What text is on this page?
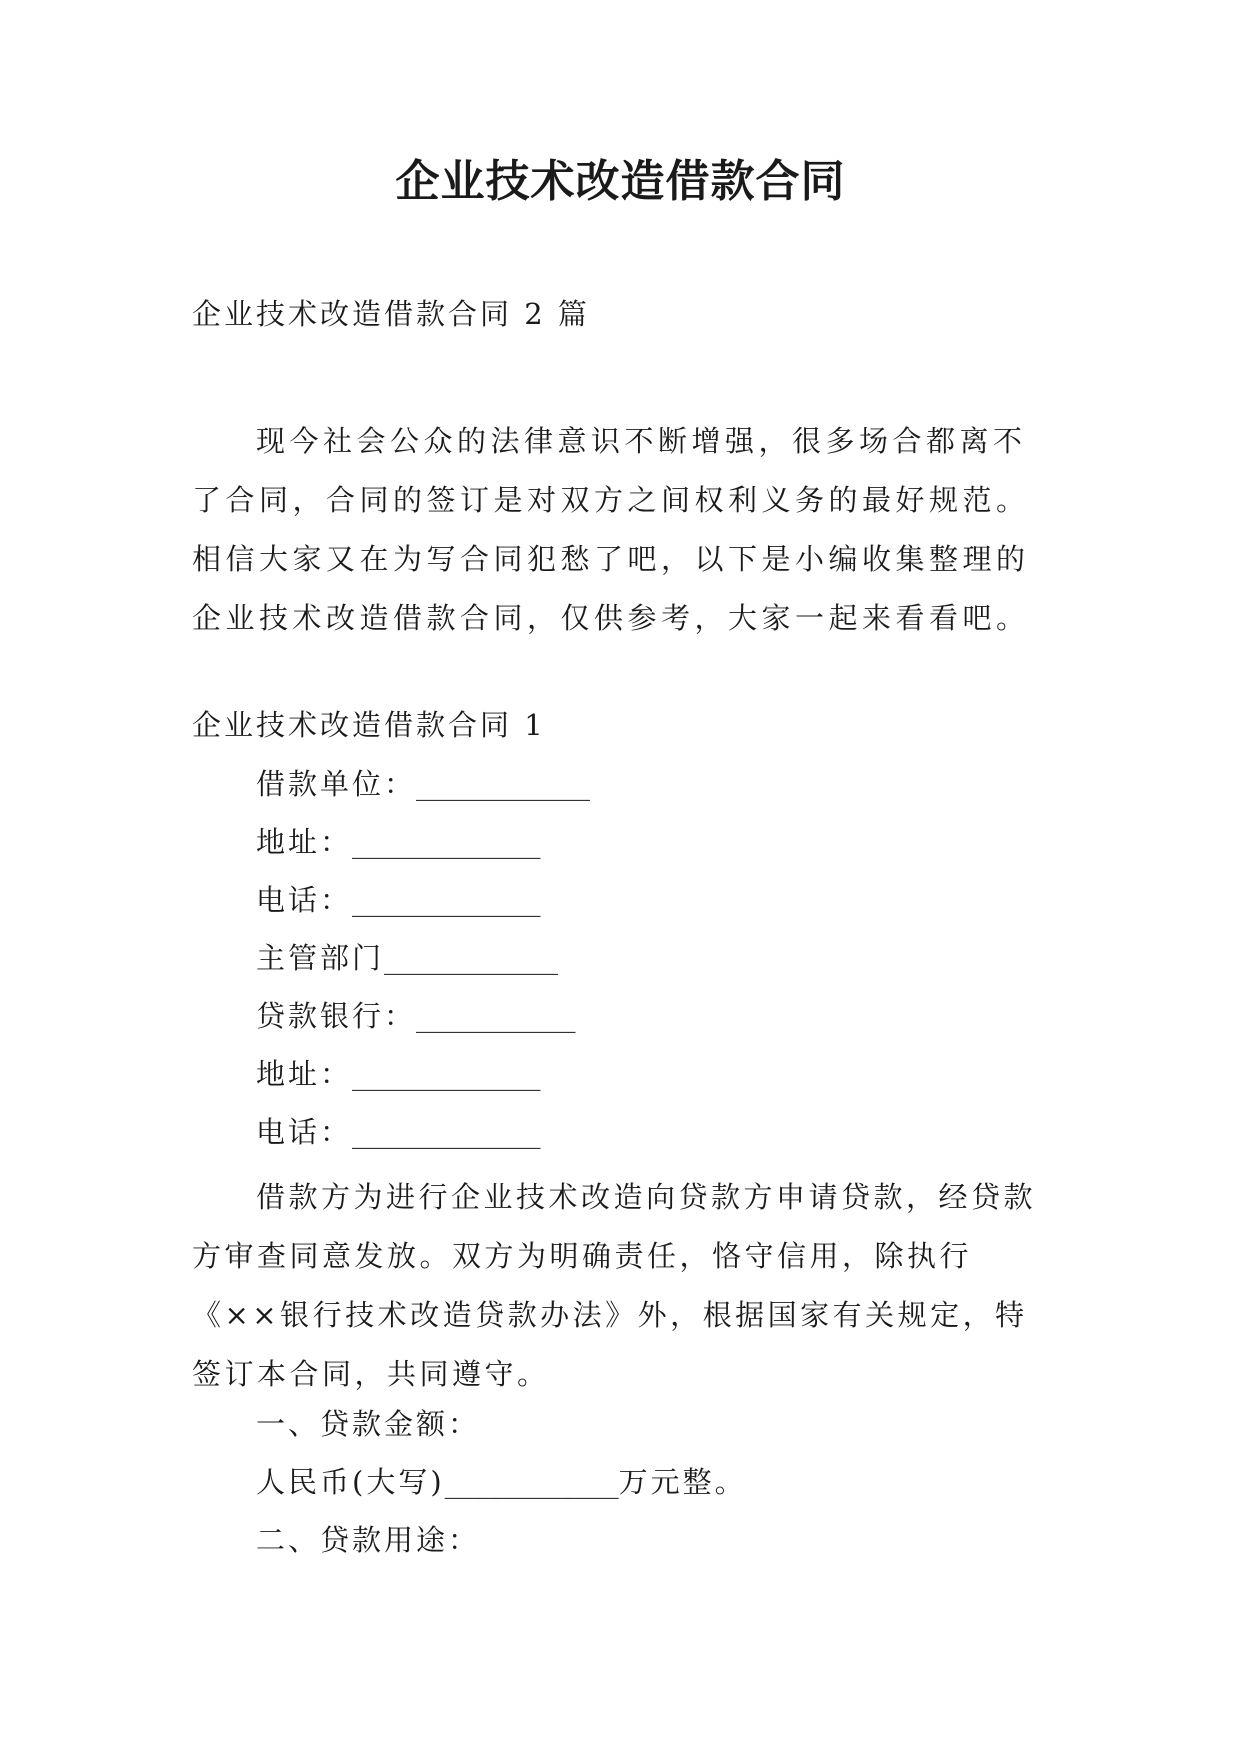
企业技术改造借款合同
企业技术改造借款合同 2 篇

现今社会公众的法律意识不断增强，很多场合都离不了合同，合同的签订是对双方之间权利义务的最好规范。相信大家又在为写合同犯愁了吧，以下是小编收集整理的企业技术改造借款合同，仅供参考，大家一起来看看吧。

企业技术改造借款合同 1
借款单位：____________
地址：_____________
电话：_____________
主管部门____________
贷款银行：___________
地址：_____________
电话：_____________

借款方为进行企业技术改造向贷款方申请贷款，经贷款方审查同意发放。双方为明确责任，恪守信用，除执行《××银行技术改造贷款办法》外，根据国家有关规定，特签订本合同，共同遵守。

一、贷款金额：
人民币(大写)____________万元整。
二、贷款用途：
